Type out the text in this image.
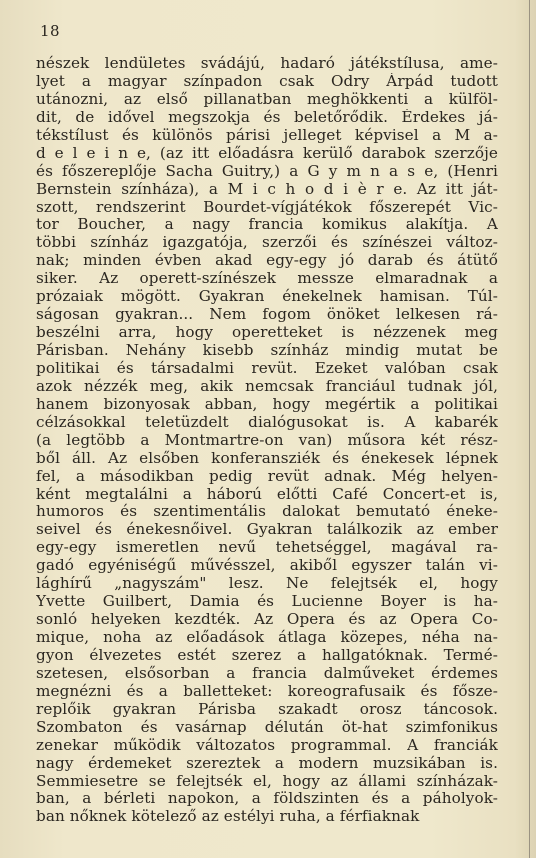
18
nészek lendületes svádájú, hadaró játékstílusa, ame-
lyet a magyar színpadon csak Odry Árpád tudott
utánozni, az első pillanatban meghökkenti a külföl-
dit, de idővel megszokja és beletőrődik. Érdekes já-
tékstílust és különös párisi jelleget képvisel a M a-
d e l e i n e, (az itt előadásra kerülő darabok szerzője
és főszereplője Sacha Guitry,) a G y m n a s e, (Henri
Bernstein színháza), a M i c h o d i è r e. Az itt ját-
szott, rendszerint Bourdet-vígjátékok főszerepét Vic-
tor Boucher, a nagy francia komikus alakítja. A
többi színház igazgatója, szerzői és színészei változ-
nak; minden évben akad egy-egy jó darab és átütő
siker. Az operett-színészek messze elmaradnak a
prózaiak mögött. Gyakran énekelnek hamisan. Túl-
ságosan gyakran... Nem fogom önöket lelkesen rá-
beszélni arra, hogy operetteket is nézzenek meg
Párisban. Nehány kisebb színház mindig mutat be
politikai és társadalmi revüt. Ezeket valóban csak
azok nézzék meg, akik nemcsak franciául tudnak jól,
hanem bizonyosak abban, hogy megértik a politikai
célzásokkal teletüzdelt dialógusokat is. A kabarék
(a legtöbb a Montmartre-on van) műsora két rész-
ből áll. Az elsőben konferansziék és énekesek lépnek
fel, a másodikban pedig revüt adnak. Még helyen-
ként megtalálni a háború előtti Café Concert-et is,
humoros és szentimentális dalokat bemutató éneke-
seivel és énekesnőivel. Gyakran találkozik az ember
egy-egy ismeretlen nevű tehetséggel, magával ra-
gadó egyéniségű művésszel, akiből egyszer talán vi-
lághírű „nagyszám" lesz. Ne felejtsék el, hogy
Yvette Guilbert, Damia és Lucienne Boyer is ha-
sonló helyeken kezdték. Az Opera és az Opera Co-
mique, noha az előadások átlaga közepes, néha na-
gyon élvezetes estét szerez a hallgatóknak. Termé-
szetesen, elsősorban a francia dalműveket érdemes
megnézni és a balletteket: koreografusaik és fősze-
replőik gyakran Párisba szakadt orosz táncosok.
Szombaton és vasárnap délután öt-hat szimfonikus
zenekar működik változatos programmal. A franciák
nagy érdemeket szereztek a modern muzsikában is.
Semmiesetre se felejtsék el, hogy az állami színházak-
ban, a bérleti napokon, a földszinten és a páholyok-
ban nőknek kötelező az estélyi ruha, a férfiaknak
